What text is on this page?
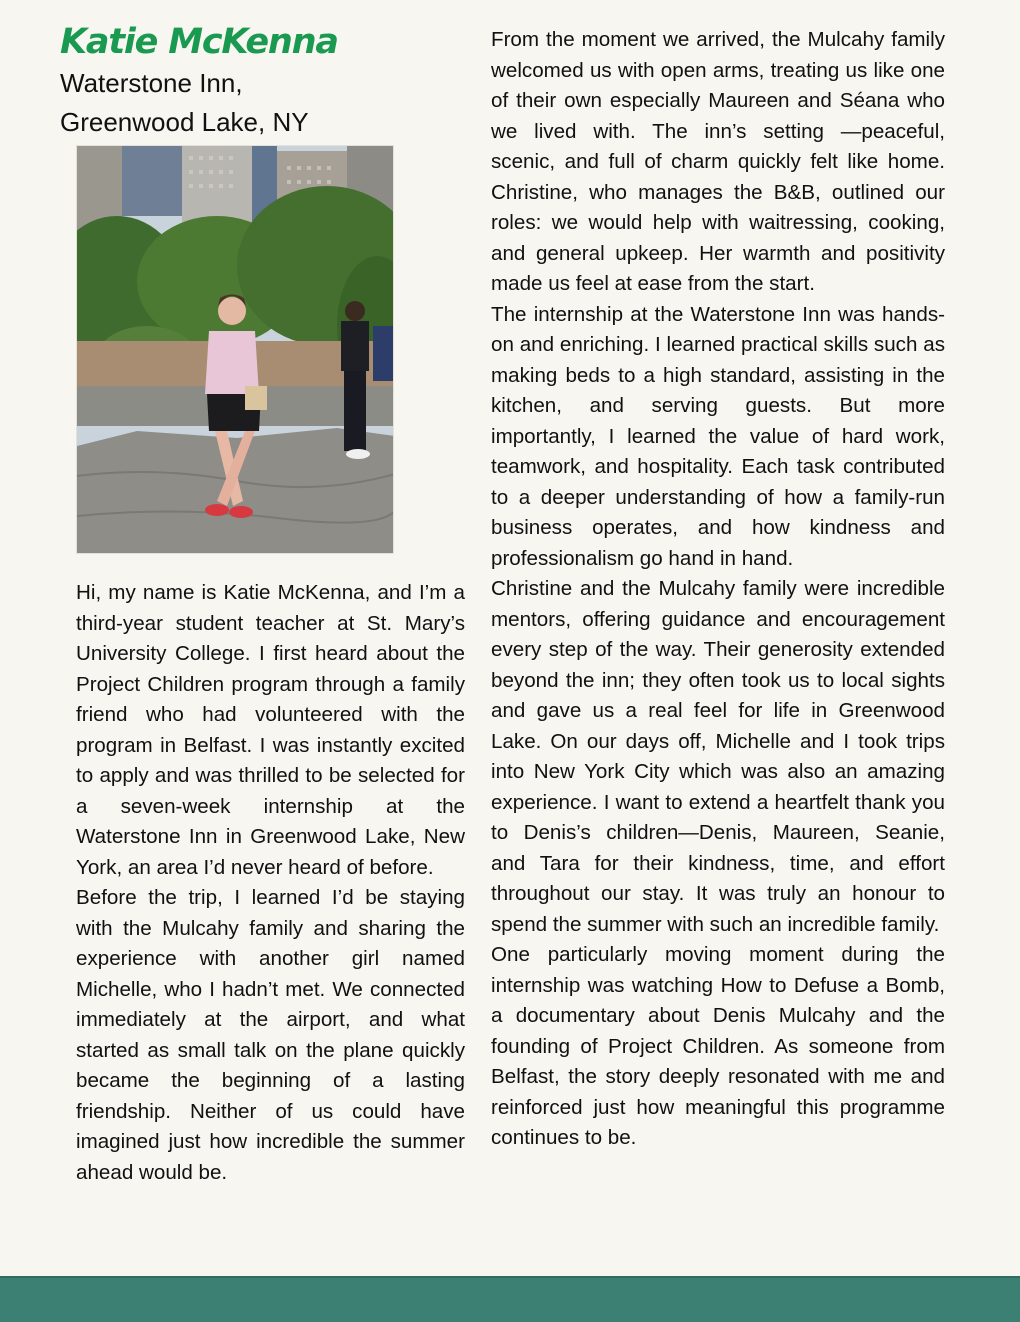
Katie McKenna

Waterstone Inn,

Greenwood Lake, NY

Hi, my name is Katie McKenna, and I’m a third-year student teacher at St. Mary’s University College. I first heard about the Project Children program through a family friend who had volunteered with the program in Belfast. I was instantly excited to apply and was thrilled to be selected for a seven-week internship at the Waterstone Inn in Greenwood Lake, New York, an area I’d never heard of before.

Before the trip, I learned I’d be staying with the Mulcahy family and sharing the experience with another girl named Michelle, who I hadn’t met. We connected immediately at the airport, and what started as small talk on the plane quickly became the beginning of a lasting friendship. Neither of us could have imagined just how incredible the summer ahead would be.

From the moment we arrived, the Mulcahy family welcomed us with open arms, treating us like one of their own especially Maureen and Séana who we lived with. The inn’s setting —peaceful, scenic, and full of charm quickly felt like home. Christine, who manages the B&B, outlined our roles: we would help with waitressing, cooking, and general upkeep. Her warmth and positivity made us feel at ease from the start.

The internship at the Waterstone Inn was hands-on and enriching. I learned practical skills such as making beds to a high standard, assisting in the kitchen, and serving guests. But more importantly, I learned the value of hard work, teamwork, and hospitality. Each task contributed to a deeper understanding of how a family-run business operates, and how kindness and professionalism go hand in hand.

Christine and the Mulcahy family were incredible mentors, offering guidance and encouragement every step of the way. Their generosity extended beyond the inn; they often took us to local sights and gave us a real feel for life in Greenwood Lake. On our days off, Michelle and I took trips into New York City which was also an amazing experience. I want to extend a heartfelt thank you to Denis’s children—Denis, Maureen, Seanie, and Tara for their kindness, time, and effort throughout our stay. It was truly an honour to spend the summer with such an incredible family.

One particularly moving moment during the internship was watching How to Defuse a Bomb, a documentary about Denis Mulcahy and the founding of Project Children. As someone from Belfast, the story deeply resonated with me and reinforced just how meaningful this programme continues to be.
